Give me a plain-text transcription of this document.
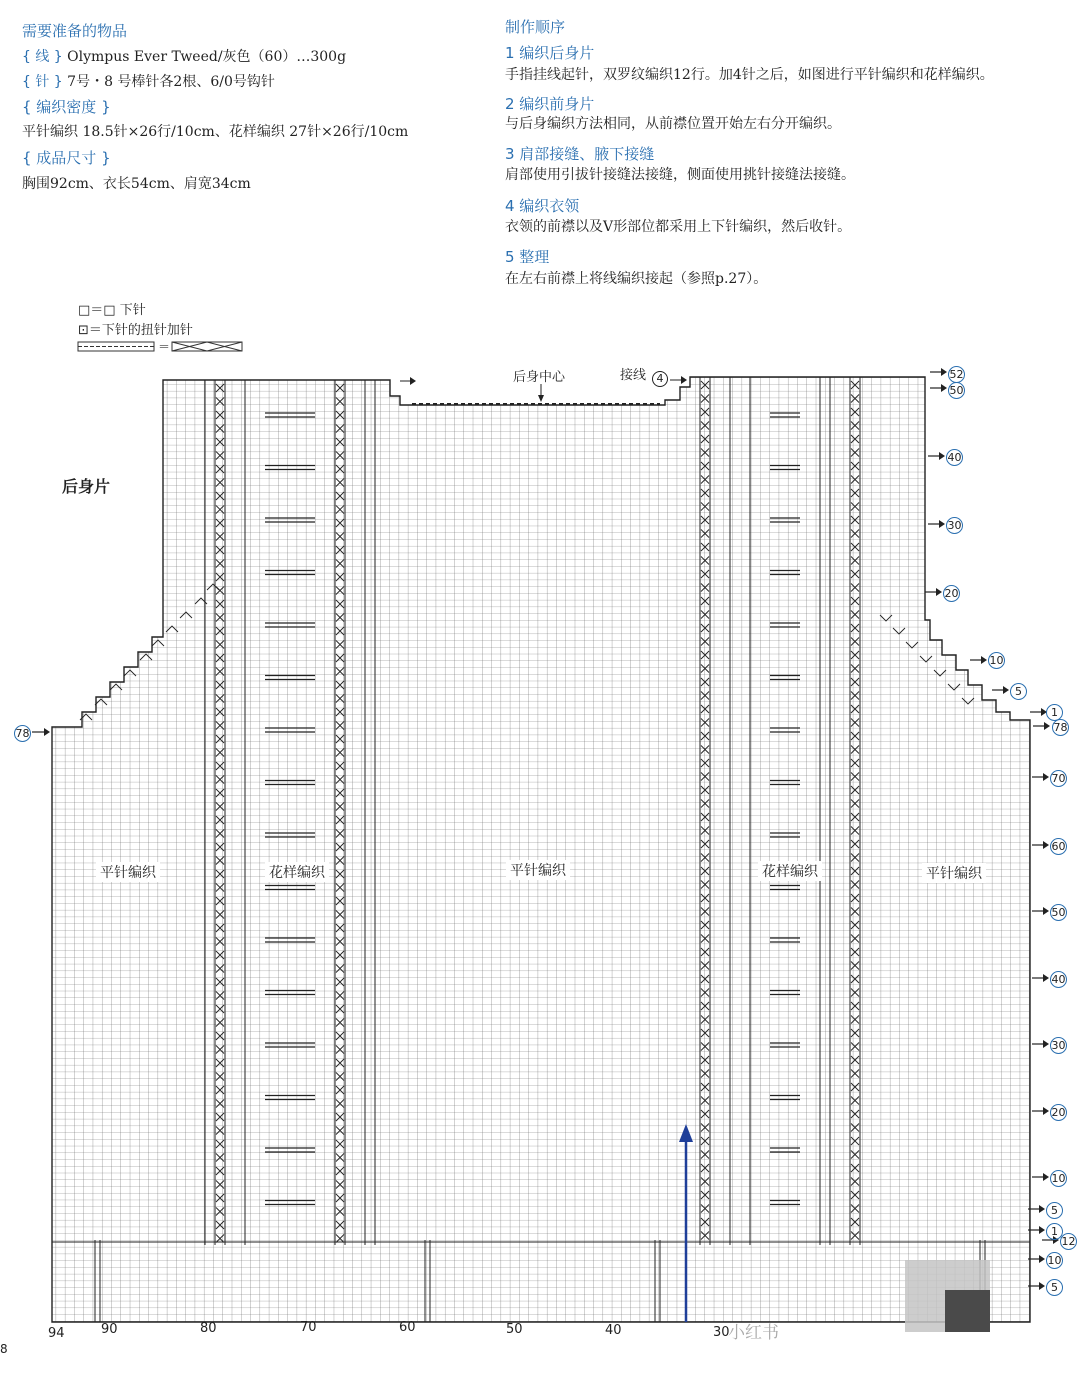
需要准备的物品
{ 线 } Olympus Ever Tweed/灰色（60）…300g
{ 针 } 7号・8 号棒针各2根、6/0号钩针
{ 编织密度 }
平针编织 18.5针×26行/10cm、花样编织 27针×26行/10cm
{ 成品尺寸 }
胸围92cm、衣长54cm、肩宽34cm
制作顺序
1 编织后身片
手指挂线起针，双罗纹编织12行。加4针之后，如图进行平针编织和花样编织。
2 编织前身片
与后身编织方法相同，从前襟位置开始左右分开编织。
3 肩部接缝、腋下接缝
肩部使用引拔针接缝法接缝，侧面使用挑针接缝法接缝。
4 编织衣领
衣领的前襟以及V形部位都采用上下针编织，然后收针。
5 整理
在左右前襟上将线编织接起（参照p.27）。
□＝□ 下针
⊡＝下针的扭针加针
＝
后身片
后身中心	接线 4
平针编织	花样编织	平针编织	花样编织	平针编织
78
52
50
40
30
20
10
5
1
78
70
60
50
40
30
20
10
5
1
12
10
5
94	90	80	70	60	50	40	30
8
小红书
